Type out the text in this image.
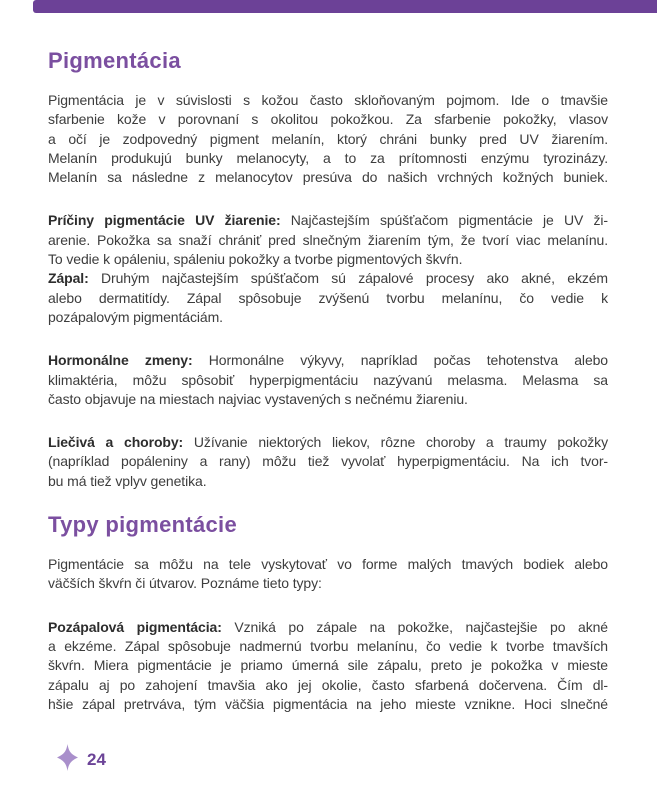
Pigmentácia
Pigmentácia je v súvislosti s kožou často skloňovaným pojmom. Ide o tmavšie
sfarbenie kože v porovnaní s okolitou pokožkou. Za sfarbenie pokožky, vlasov
a očí je zodpovedný pigment melanín, ktorý chráni bunky pred UV žiarením.
Melanín produkujú bunky melanocyty, a to za prítomnosti enzýmu tyrozinázy.
Melanín sa následne z melanocytov presúva do našich vrchných kožných buniek.
Príčiny pigmentácie UV žiarenie: Najčastejším spúšťačom pigmentácie je UV ži-
arenie. Pokožka sa snaží chrániť pred slnečným žiarením tým, že tvorí viac melanínu.
To vedie k opáleniu, spáleniu pokožky a tvorbe pigmentových škvŕn.
Zápal: Druhým najčastejším spúšťačom sú zápalové procesy ako akné, ekzém
alebo dermatitídy. Zápal spôsobuje zvýšenú tvorbu melanínu, čo vedie k
pozápalovým pigmentáciám.
Hormonálne zmeny: Hormonálne výkyvy, napríklad počas tehotenstva alebo
klimaktéria, môžu spôsobiť hyperpigmentáciu nazývanú melasma. Melasma sa
často objavuje na miestach najviac vystavených s nečnému žiareniu.
Liečivá a choroby: Užívanie niektorých liekov, rôzne choroby a traumy pokožky
(napríklad popáleniny a rany) môžu tiež vyvolať hyperpigmentáciu. Na ich tvor-
bu má tiež vplyv genetika.
Typy pigmentácie
Pigmentácie sa môžu na tele vyskytovať vo forme malých tmavých bodiek alebo
väčších škvŕn či útvarov. Poznáme tieto typy:
Pozápalová pigmentácia: Vzniká po zápale na pokožke, najčastejšie po akné
a ekzéme. Zápal spôsobuje nadmernú tvorbu melanínu, čo vedie k tvorbe tmavších
škvŕn. Miera pigmentácie je priamo úmerná sile zápalu, preto je pokožka v mieste
zápalu aj po zahojení tmavšia ako jej okolie, často sfarbená dočervena. Čím dl-
hšie zápal pretrváva, tým väčšia pigmentácia na jeho mieste vznikne. Hoci slnečné
24
